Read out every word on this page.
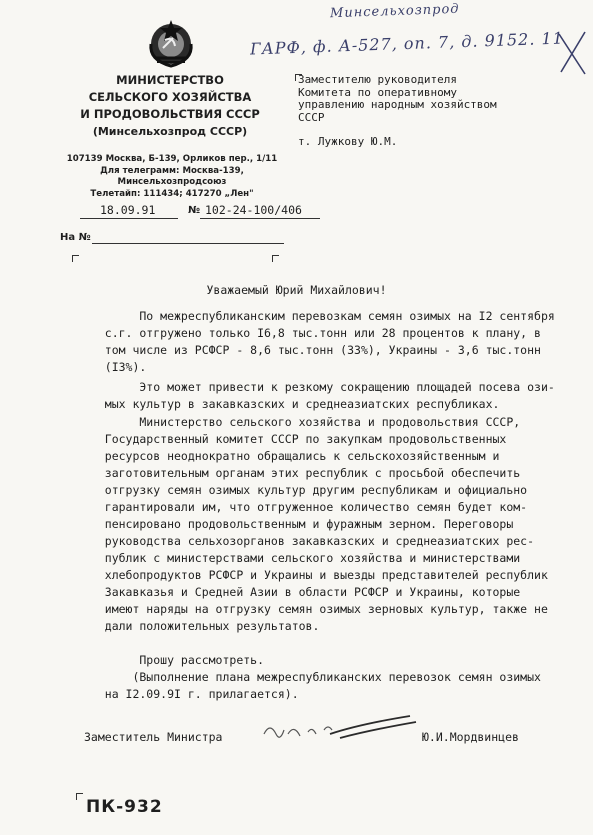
Минсельхозпрод
ГАРФ, ф. А-527, оп. 7, д. 9152. 11
МИНИСТЕРСТВО
СЕЛЬСКОГО ХОЗЯЙСТВА
И ПРОДОВОЛЬСТВИЯ СССР
(Минсельхозпрод СССР)
107139 Москва, Б-139, Орликов пер., 1/11
Для телеграмм: Москва-139,
Минсельхозпродсоюз
Телетайп: 111434; 417270 „Лен"
18.09.91	№ 102-24-100/406
На №
Заместителю руководителя
Комитета по оперативному
управлению народным хозяйством
СССР
т. Лужкову Ю.М.
Уважаемый Юрий Михайлович!
По межреспубликанским перевозкам семян озимых на I2 сентября
с.г. отгружено только I6,8 тыс.тонн или 28 процентов к плану, в
том числе из РСФСР - 8,6 тыс.тонн (33%), Украины - 3,6 тыс.тонн
(I3%).
Это может привести к резкому сокращению площадей посева ози-
мых культур в закавказских и среднеазиатских республиках.
Министерство сельского хозяйства и продовольствия СССР,
Государственный комитет СССР по закупкам продовольственных
ресурсов неоднократно обращались к сельскохозяйственным и
заготовительным органам этих республик с просьбой обеспечить
отгрузку семян озимых культур другим республикам и официально
гарантировали им, что отгруженное количество семян будет ком-
пенсировано продовольственным и фуражным зерном. Переговоры
руководства сельхозорганов закавказских и среднеазиатских рес-
публик с министерствами сельского хозяйства и министерствами
хлебопродуктов РСФСР и Украины и выезды представителей республик
Закавказья и Средней Азии в области РСФСР и Украины, которые
имеют наряды на отгрузку семян озимых зерновых культур, также не
дали положительных результатов.
Прошу рассмотреть.
(Выполнение плана межреспубликанских перевозок семян озимых
на I2.09.9I г. прилагается).
Заместитель Министра	Ю.И.Мордвинцев
ПК-932
